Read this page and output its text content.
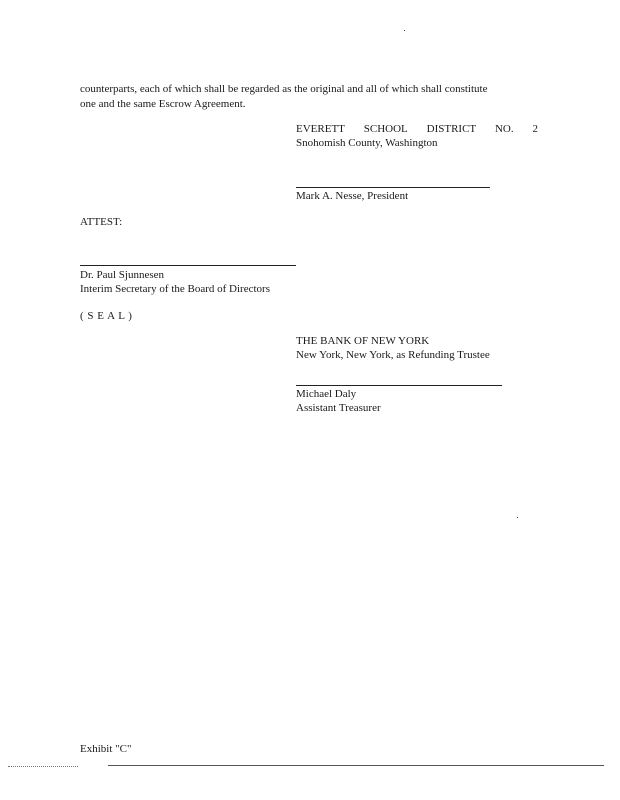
counterparts, each of which shall be regarded as the original and all of which shall constitute
one and the same Escrow Agreement.
EVERETT SCHOOL DISTRICT NO. 2
Snohomish County, Washington
Mark A. Nesse, President
ATTEST:
Dr. Paul Sjunnesen
Interim Secretary of the Board of Directors
( S E A L )
THE BANK OF NEW YORK
New York, New York, as Refunding Trustee
Michael Daly
Assistant Treasurer
Exhibit "C"
